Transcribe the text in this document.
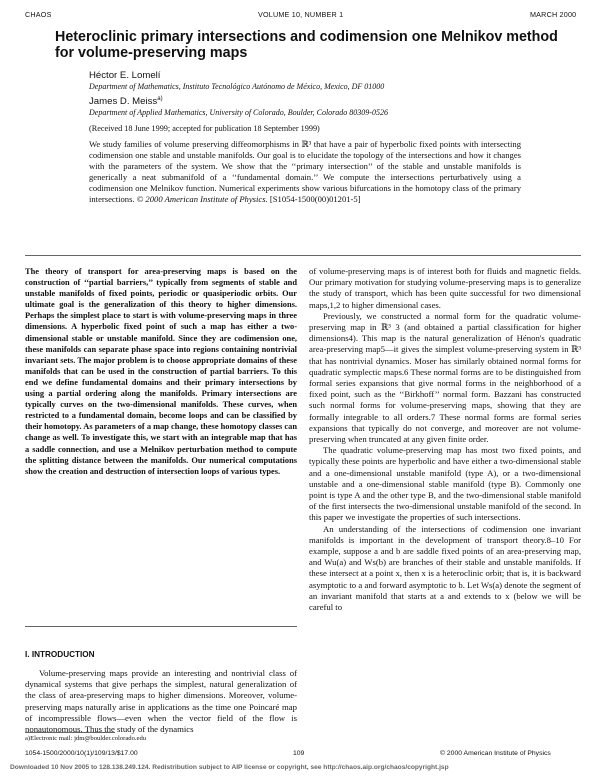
CHAOS	VOLUME 10, NUMBER 1	MARCH 2000
Heteroclinic primary intersections and codimension one Melnikov method for volume-preserving maps
Héctor E. Lomelí
Department of Mathematics, Instituto Tecnológico Autónomo de México, Mexico, DF 01000
James D. Meiss$^{a)}$
Department of Applied Mathematics, University of Colorado, Boulder, Colorado 80309-0526
(Received 18 June 1999; accepted for publication 18 September 1999)
We study families of volume preserving diffeomorphisms in ℝ³ that have a pair of hyperbolic fixed points with intersecting codimension one stable and unstable manifolds. Our goal is to elucidate the topology of the intersections and how it changes with the parameters of the system. We show that the ‘‘primary intersection’’ of the stable and unstable manifolds is generically a neat submanifold of a ‘‘fundamental domain.’’ We compute the intersections perturbatively using a codimension one Melnikov function. Numerical experiments show various bifurcations in the homotopy class of the primary intersections. © 2000 American Institute of Physics. [S1054-1500(00)01201-5]
The theory of transport for area-preserving maps is based on the construction of ‘‘partial barriers,’’ typically from segments of stable and unstable manifolds of fixed points, periodic or quasiperiodic orbits. Our ultimate goal is the generalization of this theory to higher dimensions. Perhaps the simplest place to start is with volume-preserving maps in three dimensions. A hyperbolic fixed point of such a map has either a two-dimensional stable or unstable manifold. Since they are codimension one, these manifolds can separate phase space into regions containing nontrivial invariant sets. The major problem is to choose appropriate domains of these manifolds that can be used in the construction of partial barriers. To this end we define fundamental domains and their primary intersections by using a partial ordering along the manifolds. Primary intersections are typically curves on the two-dimensional manifolds. These curves, when restricted to a fundamental domain, become loops and can be classified by their homotopy. As parameters of a map change, these homotopy classes can change as well. To investigate this, we start with an integrable map that has a saddle connection, and use a Melnikov perturbation method to compute the splitting distance between the manifolds. Our numerical computations show the creation and destruction of intersection loops of various types.
I. INTRODUCTION

Volume-preserving maps provide an interesting and nontrivial class of dynamical systems that give perhaps the simplest, natural generalization of the class of area-preserving maps to higher dimensions. Moreover, volume-preserving maps naturally arise in applications as the time one Poincaré map of incompressible flows—even when the vector field of the flow is nonautonomous. Thus the study of the dynamics

a)Electronic mail: jdm@boulder.colorado.edu

of volume-preserving maps is of interest both for fluids and magnetic fields. Our primary motivation for studying volume-preserving maps is to generalize the study of transport, which has been quite successful for two dimensional maps,1,2 to higher dimensional cases.

Previously, we constructed a normal form for the quadratic volume-preserving map in ℝ³ 3 (and obtained a partial classification for higher dimensions4). This map is the natural generalization of Hénon's quadratic area-preserving map5—it gives the simplest volume-preserving system in ℝ³ that has nontrivial dynamics. Moser has similarly obtained normal forms for quadratic symplectic maps.6 These normal forms are to be distinguished from formal series expansions that give normal forms in the neighborhood of a fixed point, such as the ‘‘Birkhoff’’ normal form. Bazzani has constructed such normal forms for volume-preserving maps, showing that they are formally integrable to all orders.7 These normal forms are formal series expansions that typically do not converge, and moreover are not volume-preserving when truncated at any given finite order.

The quadratic volume-preserving map has most two fixed points, and typically these points are hyperbolic and have either a two-dimensional stable and a one-dimensional unstable manifold (type A), or a two-dimensional unstable and a one-dimensional stable manifold (type B). Commonly one point is type A and the other type B, and the two-dimensional stable manifold of the first intersects the two-dimensional unstable manifold of the second. In this paper we investigate the properties of such intersections.

An understanding of the intersections of codimension one invariant manifolds is important in the development of transport theory.8–10 For example, suppose a and b are saddle fixed points of an area-preserving map, and Wu(a) and Ws(b) are branches of their stable and unstable manifolds. If these intersect at a point x, then x is a heteroclinic orbit; that is, it is backward asymptotic to a and forward asymptotic to b. Let Ws(a) denote the segment of an invariant manifold that starts at a and extends to x (below we will be careful to

1054-1500/2000/10(1)/109/13/$17.00	109	© 2000 American Institute of Physics
Downloaded 10 Nov 2005 to 128.138.249.124. Redistribution subject to AIP license or copyright, see http://chaos.aip.org/chaos/copyright.jsp
